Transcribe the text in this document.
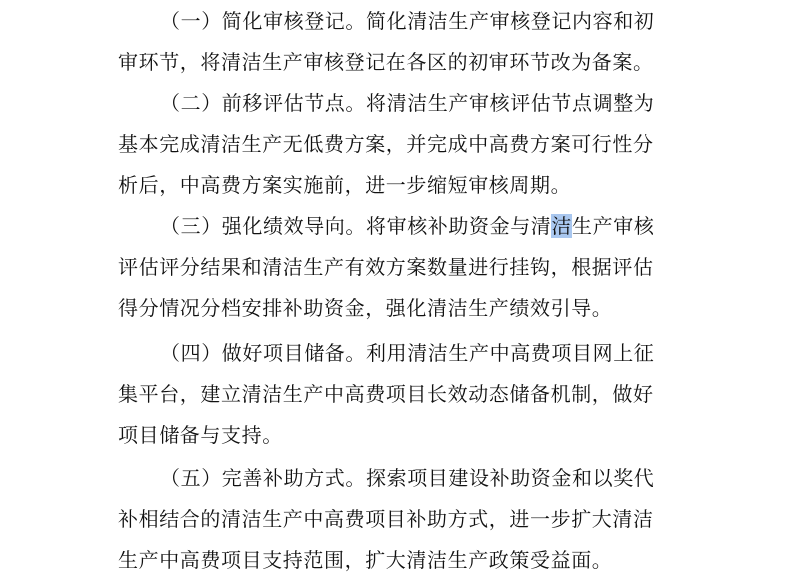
（一）简化审核登记。简化清洁生产审核登记内容和初
审环节，将清洁生产审核登记在各区的初审环节改为备案。
（二）前移评估节点。将清洁生产审核评估节点调整为
基本完成清洁生产无低费方案，并完成中高费方案可行性分
析后，中高费方案实施前，进一步缩短审核周期。
（三）强化绩效导向。将审核补助资金与清洁生产审核
评估评分结果和清洁生产有效方案数量进行挂钩，根据评估
得分情况分档安排补助资金，强化清洁生产绩效引导。
（四）做好项目储备。利用清洁生产中高费项目网上征
集平台，建立清洁生产中高费项目长效动态储备机制，做好
项目储备与支持。
（五）完善补助方式。探索项目建设补助资金和以奖代
补相结合的清洁生产中高费项目补助方式，进一步扩大清洁
生产中高费项目支持范围，扩大清洁生产政策受益面。
